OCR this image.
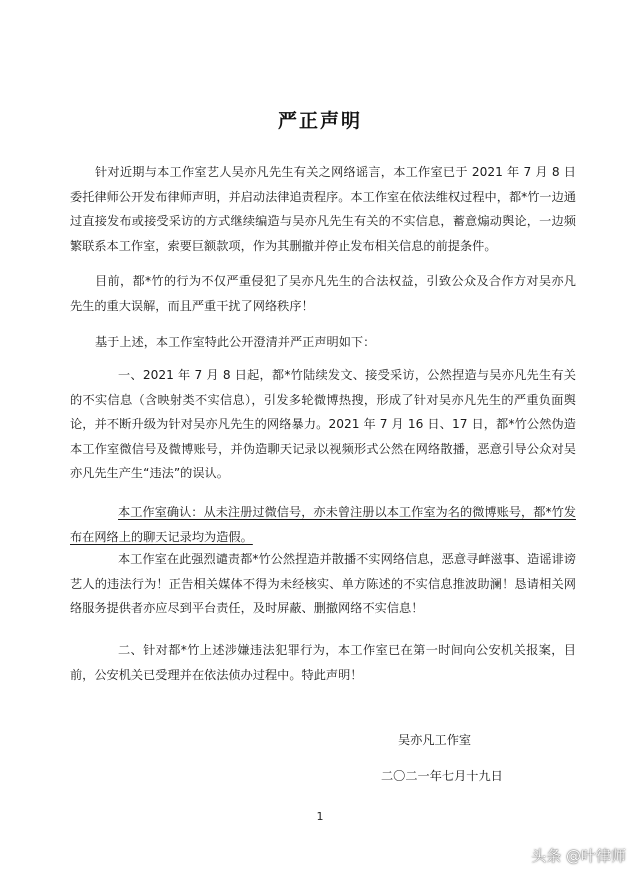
严正声明

针对近期与本工作室艺人吴亦凡先生有关之网络谣言，本工作室已于 2021 年 7 月 8 日委托律师公开发布律师声明，并启动法律追责程序。本工作室在依法维权过程中，都*竹一边通过直接发布或接受采访的方式继续编造与吴亦凡先生有关的不实信息，蓄意煽动舆论，一边频繁联系本工作室，索要巨额款项，作为其删撤并停止发布相关信息的前提条件。

目前，都*竹的行为不仅严重侵犯了吴亦凡先生的合法权益，引致公众及合作方对吴亦凡先生的重大误解，而且严重干扰了网络秩序！

基于上述，本工作室特此公开澄清并严正声明如下：

一、2021 年 7 月 8 日起，都*竹陆续发文、接受采访，公然捏造与吴亦凡先生有关的不实信息（含映射类不实信息），引发多轮微博热搜，形成了针对吴亦凡先生的严重负面舆论，并不断升级为针对吴亦凡先生的网络暴力。2021 年 7 月 16 日、17 日，都*竹公然伪造本工作室微信号及微博账号，并伪造聊天记录以视频形式公然在网络散播，恶意引导公众对吴亦凡先生产生“违法”的误认。

本工作室确认：从未注册过微信号，亦未曾注册以本工作室为名的微博账号，都*竹发布在网络上的聊天记录均为造假。

本工作室在此强烈谴责都*竹公然捏造并散播不实网络信息，恶意寻衅滋事、造谣诽谤艺人的违法行为！正告相关媒体不得为未经核实、单方陈述的不实信息推波助澜！恳请相关网络服务提供者亦应尽到平台责任，及时屏蔽、删撤网络不实信息！

二、针对都*竹上述涉嫌违法犯罪行为，本工作室已在第一时间向公安机关报案，目前，公安机关已受理并在依法侦办过程中。特此声明！

吴亦凡工作室
二〇二一年七月十九日
1
头条 @叶律师
